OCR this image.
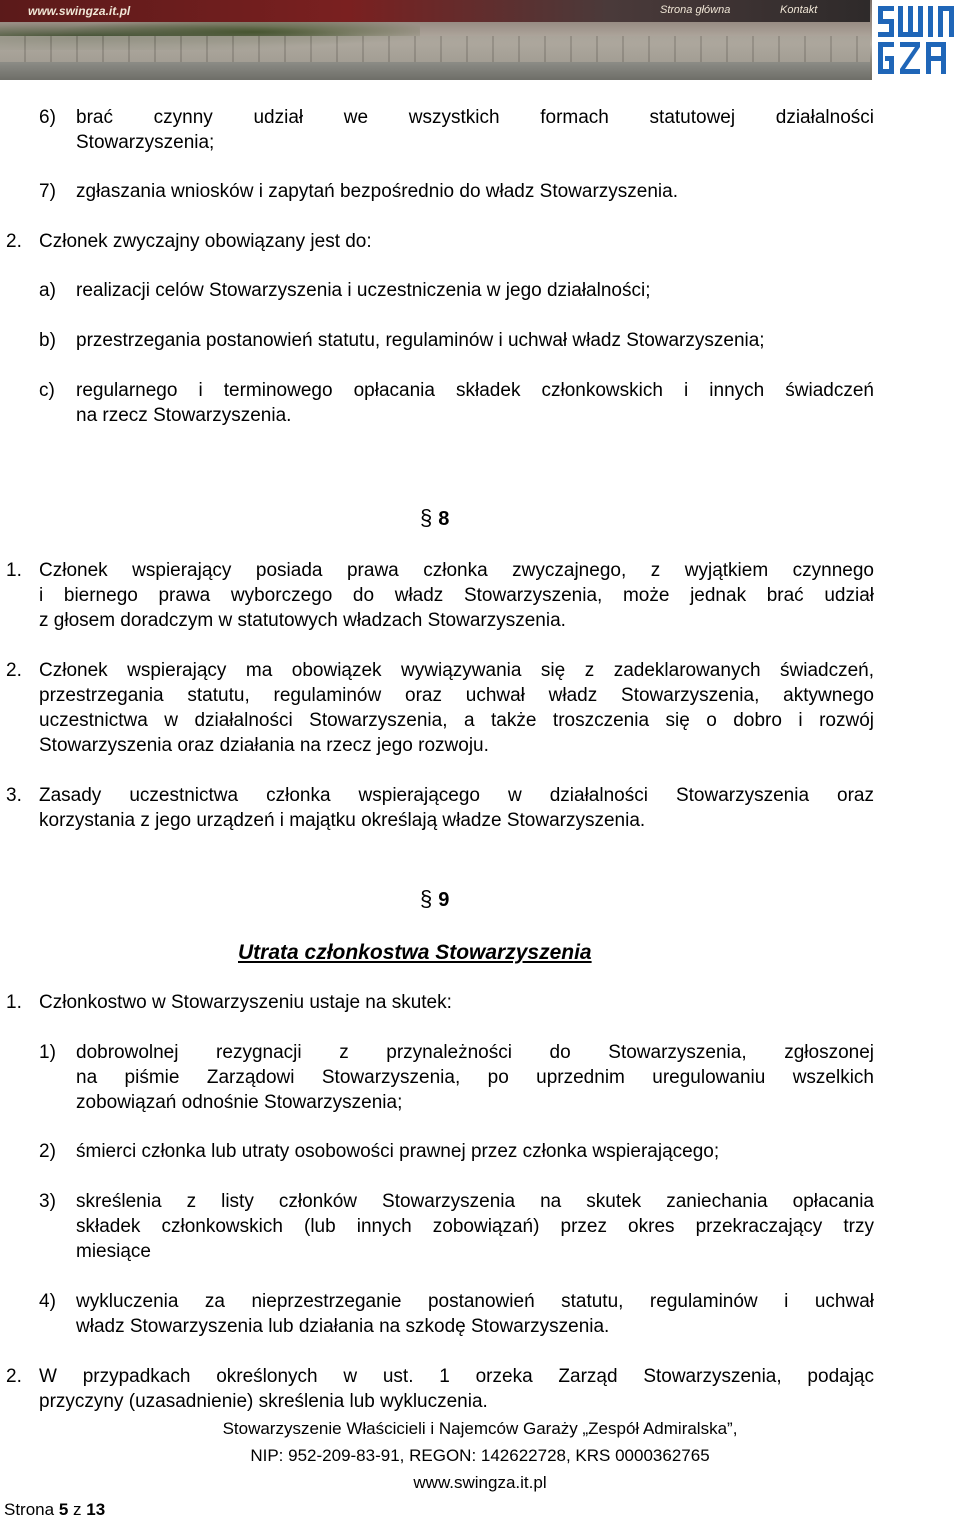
www.swingza.it.pl	Strona główna	Kontakt
6) brać czynny udział we wszystkich formach statutowej działalności
Stowarzyszenia;
7) zgłaszania wniosków i zapytań bezpośrednio do władz Stowarzyszenia.
2. Członek zwyczajny obowiązany jest do:
a) realizacji celów Stowarzyszenia i uczestniczenia w jego działalności;
b) przestrzegania postanowień statutu, regulaminów i uchwał władz Stowarzyszenia;
c) regularnego i terminowego opłacania składek członkowskich i innych świadczeń
na rzecz Stowarzyszenia.
§ 8
1. Członek wspierający posiada prawa członka zwyczajnego, z wyjątkiem czynnego
i biernego prawa wyborczego do władz Stowarzyszenia, może jednak brać udział
z głosem doradczym w statutowych władzach Stowarzyszenia.
2. Członek wspierający ma obowiązek wywiązywania się z zadeklarowanych świadczeń,
przestrzegania statutu, regulaminów oraz uchwał władz Stowarzyszenia, aktywnego
uczestnictwa w działalności Stowarzyszenia, a także troszczenia się o dobro i rozwój
Stowarzyszenia oraz działania na rzecz jego rozwoju.
3. Zasady uczestnictwa członka wspierającego w działalności Stowarzyszenia oraz
korzystania z jego urządzeń i majątku określają władze Stowarzyszenia.
§ 9
Utrata członkostwa Stowarzyszenia
1. Członkostwo w Stowarzyszeniu ustaje na skutek:
1) dobrowolnej rezygnacji z przynależności do Stowarzyszenia, zgłoszonej
na piśmie Zarządowi Stowarzyszenia, po uprzednim uregulowaniu wszelkich
zobowiązań odnośnie Stowarzyszenia;
2) śmierci członka lub utraty osobowości prawnej przez członka wspierającego;
3) skreślenia z listy członków Stowarzyszenia na skutek zaniechania opłacania
składek członkowskich (lub innych zobowiązań) przez okres przekraczający trzy
miesiące
4) wykluczenia za nieprzestrzeganie postanowień statutu, regulaminów i uchwał
władz Stowarzyszenia lub działania na szkodę Stowarzyszenia.
2. W przypadkach określonych w ust. 1 orzeka Zarząd Stowarzyszenia, podając
przyczyny (uzasadnienie) skreślenia lub wykluczenia.
Stowarzyszenie Właścicieli i Najemców Garaży „Zespół Admiralska”,
NIP: 952-209-83-91, REGON: 142622728, KRS 0000362765
www.swingza.it.pl
Strona 5 z 13
